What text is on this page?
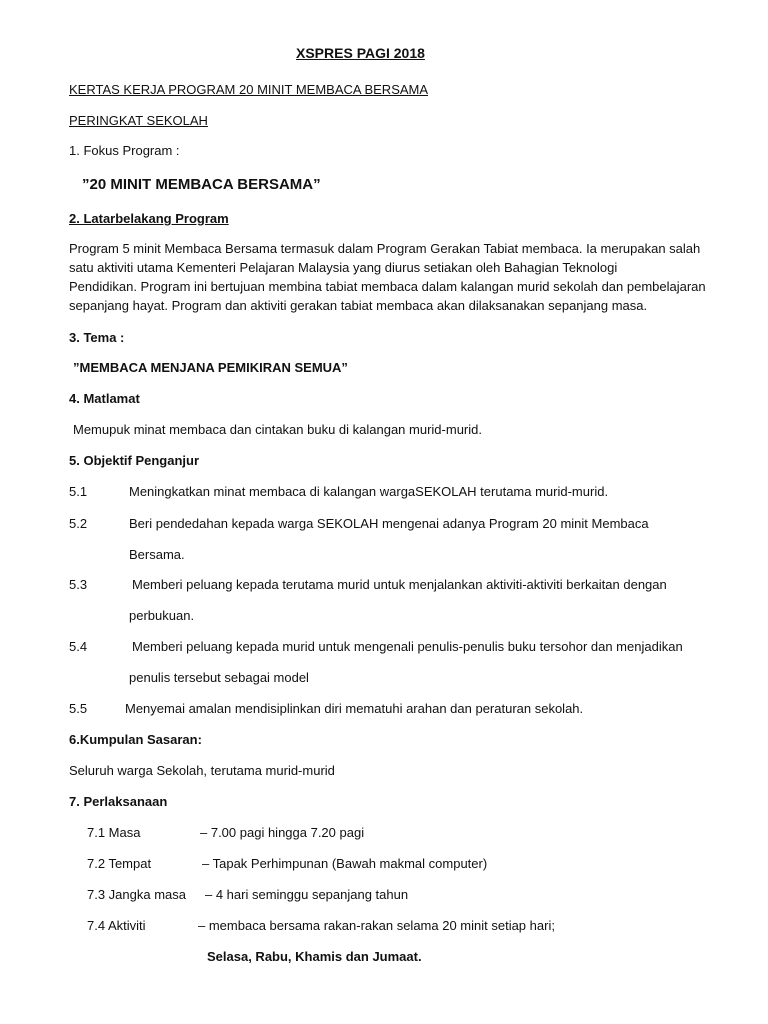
XSPRES PAGI 2018
KERTAS KERJA PROGRAM 20 MINIT MEMBACA BERSAMA
PERINGKAT SEKOLAH
1. Fokus Program :
”20 MINIT MEMBACA BERSAMA”
2. Latarbelakang Program
Program 5 minit Membaca Bersama termasuk dalam Program Gerakan Tabiat membaca. Ia merupakan salah
satu aktiviti utama Kementeri Pelajaran Malaysia yang diurus setiakan oleh Bahagian Teknologi
Pendidikan. Program ini bertujuan membina tabiat membaca dalam kalangan murid sekolah dan pembelajaran
sepanjang hayat. Program dan aktiviti gerakan tabiat membaca akan dilaksanakan sepanjang masa.
3. Tema :
”MEMBACA MENJANA PEMIKIRAN SEMUA”
4. Matlamat
Memupuk minat membaca dan cintakan buku di kalangan murid-murid.
5. Objektif Penganjur
5.1	Meningkatkan minat membaca di kalangan wargaSEKOLAH terutama murid-murid.
5.2	Beri pendedahan kepada warga SEKOLAH mengenai adanya Program 20 minit Membaca
Bersama.
5.3	Memberi peluang kepada terutama murid untuk menjalankan aktiviti-aktiviti berkaitan dengan
perbukuan.
5.4	Memberi peluang kepada murid untuk mengenali penulis-penulis buku tersohor dan menjadikan
penulis tersebut sebagai model
5.5	Menyemai amalan mendisiplinkan diri mematuhi arahan dan peraturan sekolah.
6.Kumpulan Sasaran:
Seluruh warga Sekolah, terutama murid-murid
7. Perlaksanaan
7.1 Masa	– 7.00 pagi hingga 7.20 pagi
7.2 Tempat	– Tapak Perhimpunan (Bawah makmal computer)
7.3 Jangka masa – 4 hari seminggu sepanjang tahun
7.4 Aktiviti	– membaca bersama rakan-rakan selama 20 minit setiap hari;
Selasa, Rabu, Khamis dan Jumaat.
